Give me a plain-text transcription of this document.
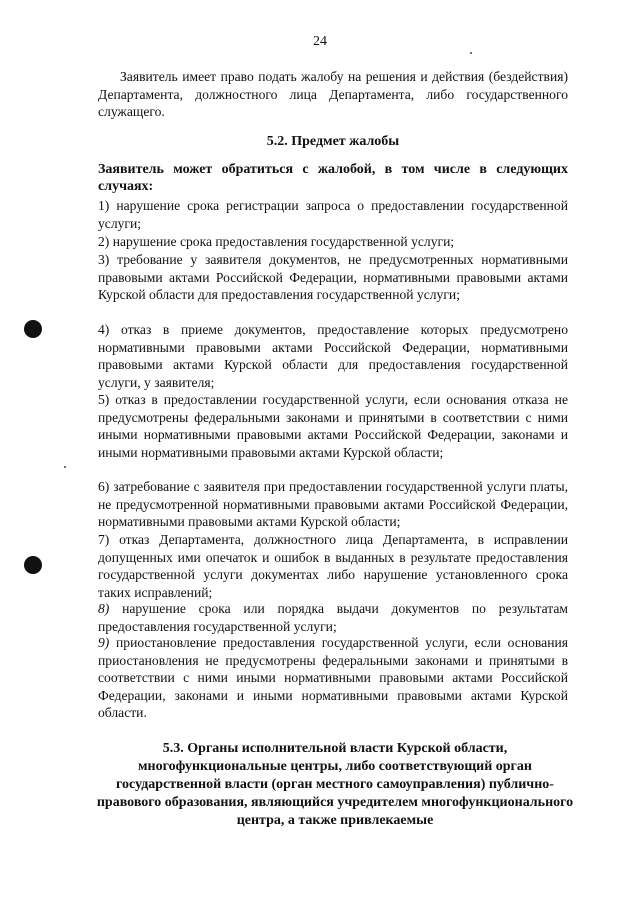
24
Заявитель имеет право подать жалобу на решения и действия (бездействия) Департамента, должностного лица Департамента, либо государственного служащего.
5.2. Предмет жалобы
Заявитель может обратиться с жалобой, в том числе в следующих случаях:
1) нарушение срока регистрации запроса о предоставлении государственной услуги;
2) нарушение срока предоставления государственной услуги;
3) требование у заявителя документов, не предусмотренных нормативными правовыми актами Российской Федерации, нормативными правовыми актами Курской области для предоставления государственной услуги;
4) отказ в приеме документов, предоставление которых предусмотрено нормативными правовыми актами Российской Федерации, нормативными правовыми актами Курской области для предоставления государственной услуги, у заявителя;
5) отказ в предоставлении государственной услуги, если основания отказа не предусмотрены федеральными законами и принятыми в соответствии с ними иными нормативными правовыми актами Российской Федерации, законами и иными нормативными правовыми актами Курской области;
6) затребование с заявителя при предоставлении государственной услуги платы, не предусмотренной нормативными правовыми актами Российской Федерации, нормативными правовыми актами Курской области;
7) отказ Департамента, должностного лица Департамента, в исправлении допущенных ими опечаток и ошибок в выданных в результате предоставления государственной услуги документах либо нарушение установленного срока таких исправлений;
8) нарушение срока или порядка выдачи документов по результатам предоставления государственной услуги;
9) приостановление предоставления государственной услуги, если основания приостановления не предусмотрены федеральными законами и принятыми в соответствии с ними иными нормативными правовыми актами Российской Федерации, законами и иными нормативными правовыми актами Курской области.
5.3. Органы исполнительной власти Курской области, многофункциональные центры, либо соответствующий орган государственной власти (орган местного самоуправления) публично-правового образования, являющийся учредителем многофункционального центра, а также привлекаемые
